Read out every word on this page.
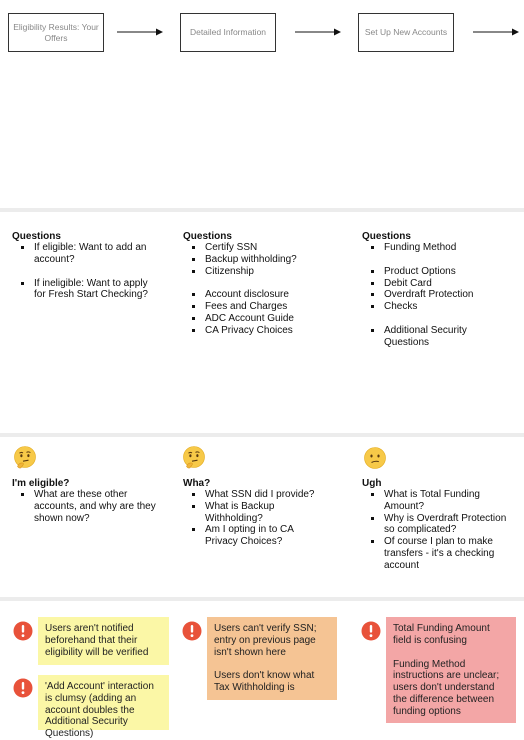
Eligibility Results: Your Offers
Detailed Information	Set Up New Accounts
Questions
If eligible: Want to add an account?
If ineligible: Want to apply for Fresh Start Checking?
Questions
Certify SSN
Backup withholding?
Citizenship
Account disclosure
Fees and Charges
ADC Account Guide
CA Privacy Choices
Questions
Funding Method
Product Options
Debit Card
Overdraft Protection
Checks
Additional Security Questions
I'm eligible?
What are these other accounts, and why are they shown now?
Wha?
What SSN did I provide?
What is Backup Withholding?
Am I opting in to CA Privacy Choices?
Ugh
What is Total Funding Amount?
Why is Overdraft Protection so complicated?
Of course I plan to make transfers - it's a checking account

Users aren't notified beforehand that their eligibility will be verified

'Add Account' interaction is clumsy (adding an account doubles the Additional Security Questions)

Users can't verify SSN; entry on previous page isn't shown here

Users don't know what Tax Withholding is

Total Funding Amount field is confusing

Funding Method instructions are unclear; users don't understand the difference between funding options
